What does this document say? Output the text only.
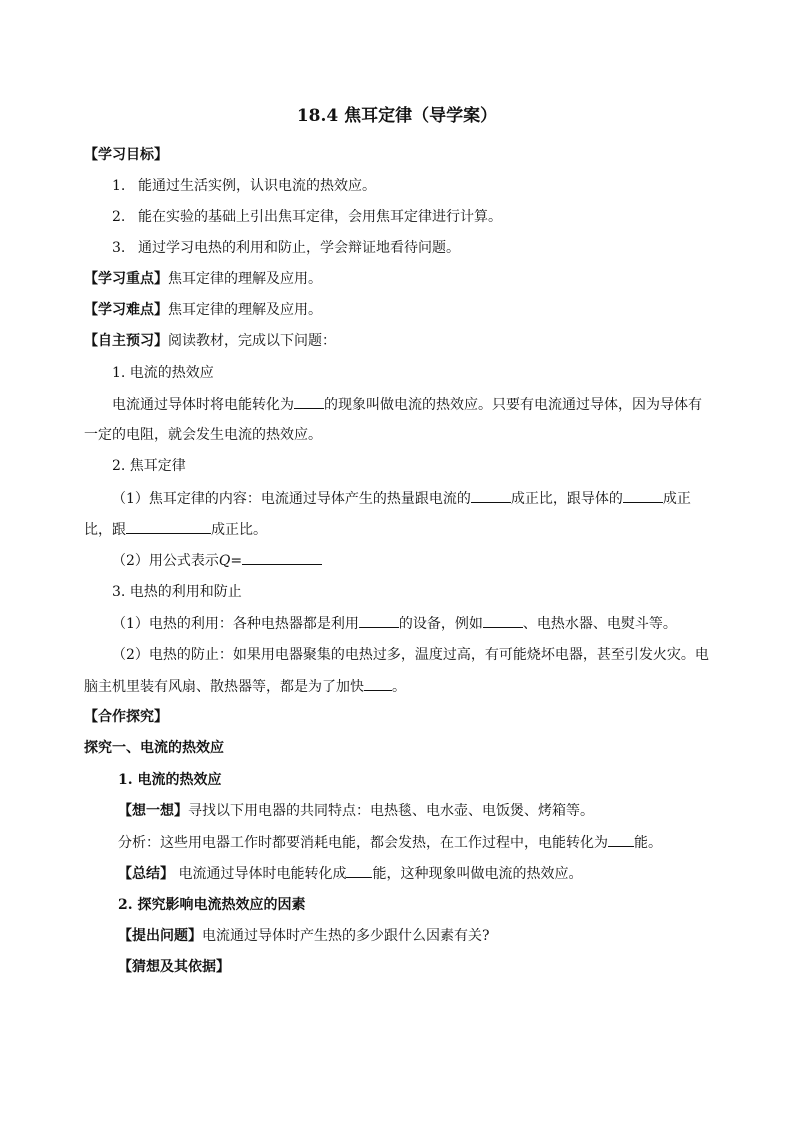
18.4 焦耳定律（导学案）
【学习目标】
1. 能通过生活实例，认识电流的热效应。
2. 能在实验的基础上引出焦耳定律，会用焦耳定律进行计算。
3. 通过学习电热的利用和防止，学会辩证地看待问题。
【学习重点】焦耳定律的理解及应用。
【学习难点】焦耳定律的理解及应用。
【自主预习】阅读教材，完成以下问题：
1. 电流的热效应
电流通过导体时将电能转化为 的现象叫做电流的热效应。只要有电流通过导体，因为导体有
一定的电阻，就会发生电流的热效应。
2. 焦耳定律
（1）焦耳定律的内容：电流通过导体产生的热量跟电流的	成正比，跟导体的	成正
比，跟	成正比。
（2）用公式表示Q=
3. 电热的利用和防止
（1）电热的利用：各种电热器都是利用	的设备，例如	、电热水器、电熨斗等。
（2）电热的防止：如果用电器聚集的电热过多，温度过高，有可能烧坏电器，甚至引发火灾。电
脑主机里装有风扇、散热器等，都是为了加快 。
【合作探究】
探究一、电流的热效应
1. 电流的热效应
【想一想】寻找以下用电器的共同特点：电热毯、电水壶、电饭煲、烤箱等。
分析：这些用电器工作时都要消耗电能，都会发热，在工作过程中，电能转化为 能。
【总结】 电流通过导体时电能转化成 能，这种现象叫做电流的热效应。
2. 探究影响电流热效应的因素
【提出问题】电流通过导体时产生热的多少跟什么因素有关?
【猜想及其依据】
